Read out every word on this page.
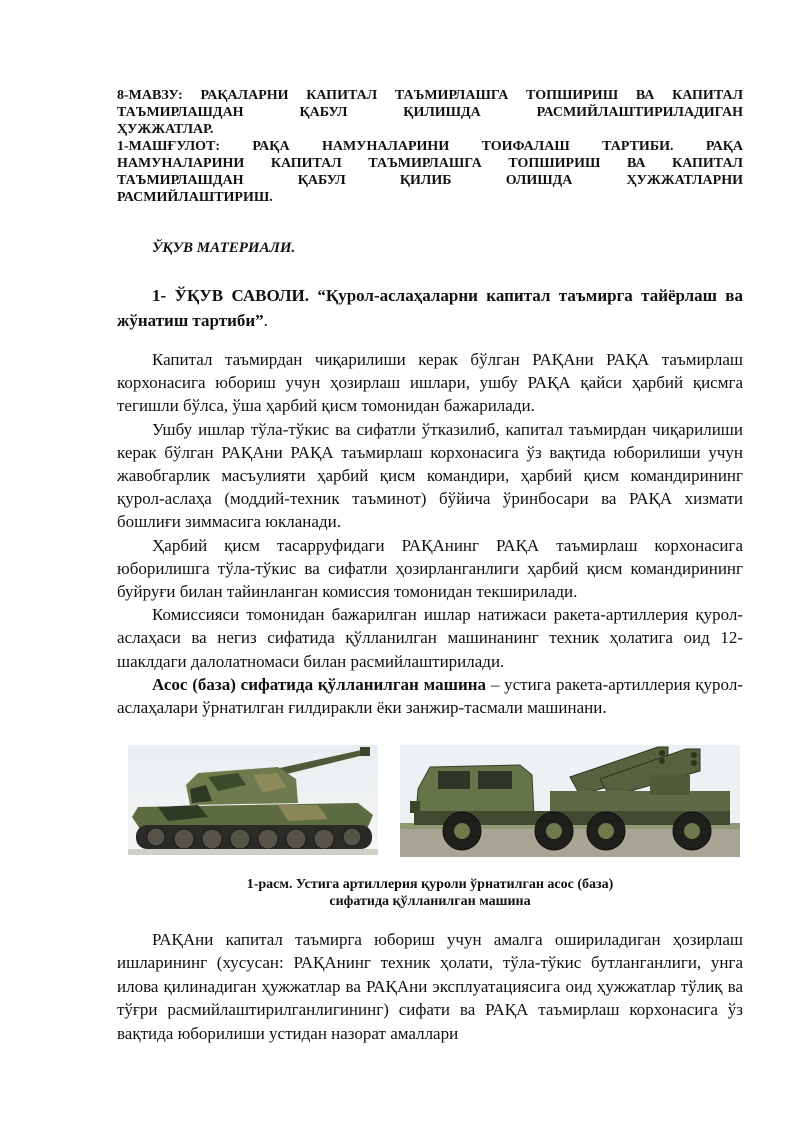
8-МАВЗУ: РАҚАЛАРНИ КАПИТАЛ ТАЪМИРЛАШГА ТОПШИРИШ ВА КАПИТАЛ

ТАЪМИРЛАШДАН ҚАБУЛ ҚИЛИШДА РАСМИЙЛАШТИРИЛАДИГАН

ҲУЖЖАТЛАР.

1-МАШҒУЛОТ: РАҚА НАМУНАЛАРИНИ ТОИФАЛАШ ТАРТИБИ. РАҚА

НАМУНАЛАРИНИ КАПИТАЛ ТАЪМИРЛАШГА ТОПШИРИШ ВА КАПИТАЛ

ТАЪМИРЛАШДАН ҚАБУЛ ҚИЛИБ ОЛИШДА ҲУЖЖАТЛАРНИ

РАСМИЙЛАШТИРИШ.

ЎҚУВ МАТЕРИАЛИ.

1- ЎҚУВ САВОЛИ. “Қурол-аслаҳаларни капитал таъмирга тайёрлаш ва жўнатиш тартиби”.

Капитал таъмирдан чиқарилиши керак бўлган РАҚАни РАҚА таъмирлаш корхонасига юбориш учун ҳозирлаш ишлари, ушбу РАҚА қайси ҳарбий қисмга тегишли бўлса, ўша ҳарбий қисм томонидан бажарилади.

Ушбу ишлар тўла-тўкис ва сифатли ўтказилиб, капитал таъмирдан чиқарилиши керак бўлган РАҚАни РАҚА таъмирлаш корхонасига ўз вақтида юборилиши учун жавобгарлик масъулияти ҳарбий қисм командири, ҳарбий қисм командирининг қурол-аслаҳа (моддий-техник таъминот) бўйича ўринбосари ва РАҚА хизмати бошлиғи зиммасига юкланади.

Ҳарбий қисм тасарруфидаги РАҚАнинг РАҚА таъмирлаш корхонасига юборилишга тўла-тўкис ва сифатли ҳозирланганлиги ҳарбий қисм командирининг буйруғи билан тайинланган комиссия томонидан текширилади.

Комиссияси томонидан бажарилган ишлар натижаси ракета-артиллерия қурол-аслаҳаси ва негиз сифатида қўлланилган машинанинг техник ҳолатига оид 12- шаклдаги далолатномаси билан расмийлаштирилади.

Асос (база) сифатида қўлланилган машина – устига ракета-артиллерия қурол-аслаҳалари ўрнатилган ғилдиракли ёки занжир-тасмали машинани.

1-расм. Устига артиллерия қуроли ўрнатилган асос (база)
сифатида қўлланилган машина

РАҚАни капитал таъмирга юбориш учун амалга ошириладиган ҳозирлаш ишларининг (хусусан: РАҚАнинг техник ҳолати, тўла-тўкис бутланганлиги, унга илова қилинадиган ҳужжатлар ва РАҚАни эксплуатациясига оид ҳужжатлар тўлиқ ва тўғри расмийлаштирилганлигининг) сифати ва РАҚА таъмирлаш корхонасига ўз вақтида юборилиши устидан назорат амаллари
